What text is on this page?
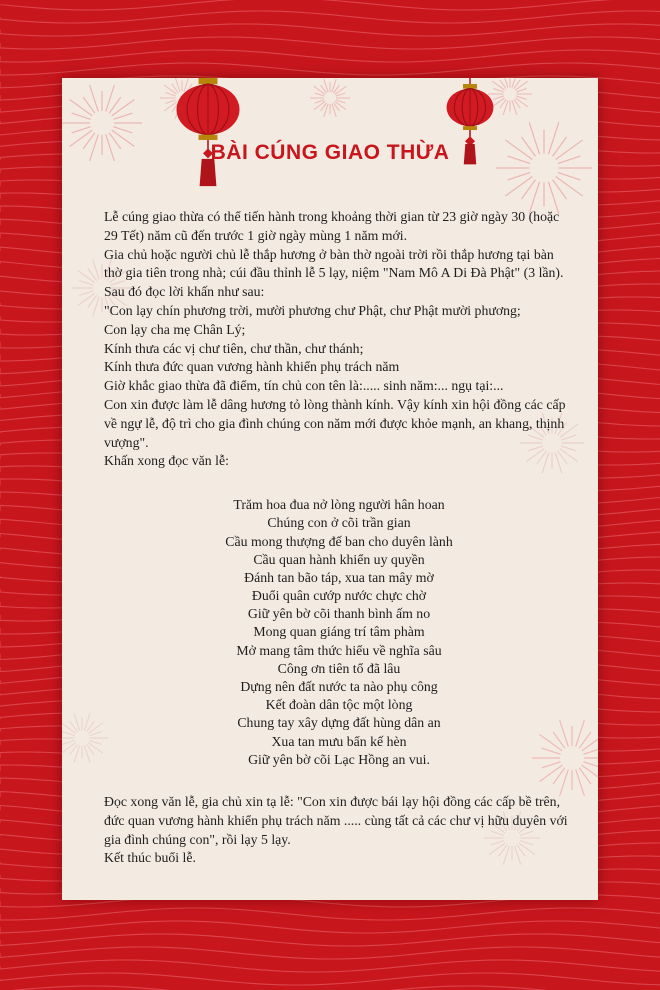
BÀI CÚNG GIAO THỪA

Lễ cúng giao thừa có thể tiến hành trong khoảng thời gian từ 23 giờ ngày 30 (hoặc 29 Tết) năm cũ đến trước 1 giờ ngày mùng 1 năm mới.

Gia chủ hoặc người chủ lễ thắp hương ở bàn thờ ngoài trời rồi thắp hương tại bàn thờ gia tiên trong nhà; cúi đầu thỉnh lễ 5 lạy, niệm "Nam Mô A Di Đà Phật" (3 lần). Sau đó đọc lời khấn như sau:

"Con lạy chín phương trời, mười phương chư Phật, chư Phật mười phương;

Con lạy cha mẹ Chân Lý;

Kính thưa các vị chư tiên, chư thần, chư thánh;

Kính thưa đức quan vương hành khiển phụ trách năm

Giờ khắc giao thừa đã điểm, tín chủ con tên là:..... sinh năm:... ngụ tại:...

Con xin được làm lễ dâng hương tỏ lòng thành kính. Vậy kính xin hội đồng các cấp về ngự lễ, độ trì cho gia đình chúng con năm mới được khỏe mạnh, an khang, thịnh vượng".

Khấn xong đọc văn lễ:

Trăm hoa đua nở lòng người hân hoan
Chúng con ở cõi trần gian
Cầu mong thượng đế ban cho duyên lành
Cầu quan hành khiển uy quyền
Đánh tan bão táp, xua tan mây mờ
Đuổi quân cướp nước chực chờ
Giữ yên bờ cõi thanh bình ấm no
Mong quan giáng trí tâm phàm
Mở mang tâm thức hiểu về nghĩa sâu
Công ơn tiên tổ đã lâu
Dựng nên đất nước ta nào phụ công
Kết đoàn dân tộc một lòng
Chung tay xây dựng đất hùng dân an
Xua tan mưu bẩn kế hèn
Giữ yên bờ cõi Lạc Hồng an vui.

Đọc xong văn lễ, gia chủ xin tạ lễ: "Con xin được bái lạy hội đồng các cấp bề trên, đức quan vương hành khiển phụ trách năm ..... cùng tất cả các chư vị hữu duyên với gia đình chúng con", rồi lạy 5 lạy.

Kết thúc buổi lễ.
